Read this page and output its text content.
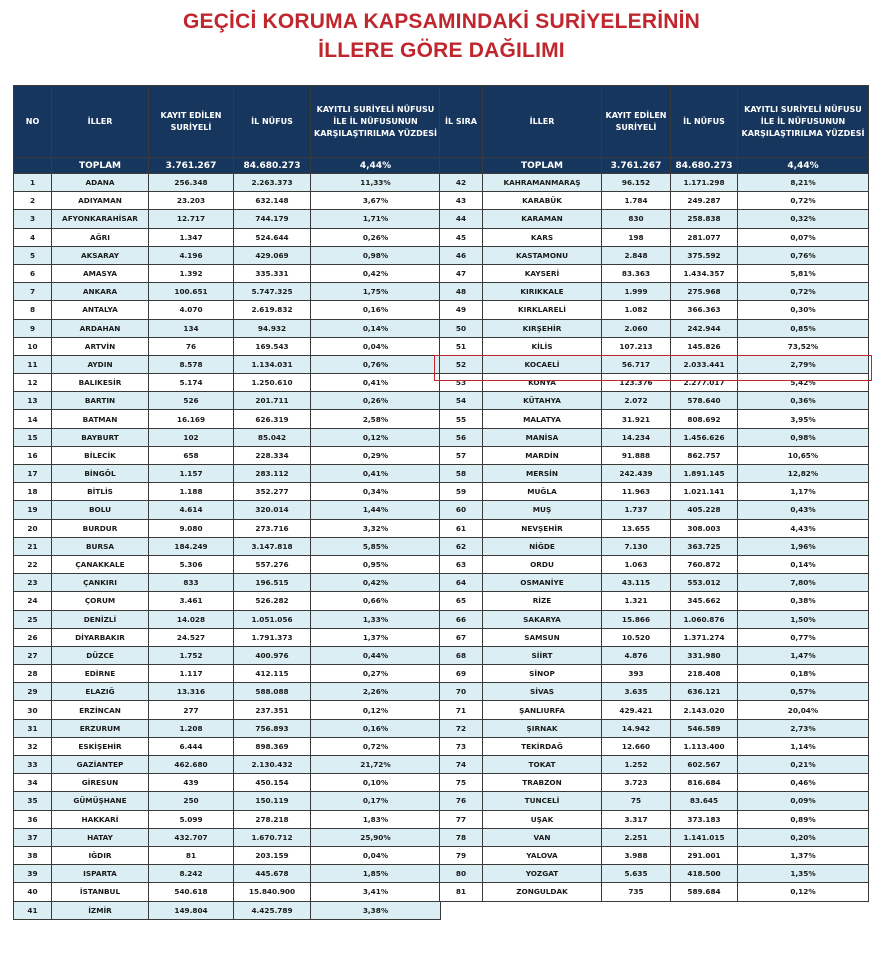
GEÇİCİ KORUMA KAPSAMINDAKİ SURİYELERİNİN
İLLERE GÖRE DAĞILIMI
NO	İLLER	KAYIT EDİLEN SURİYELİ	İL NÜFUS	KAYITLI SURİYELİ NÜFUSU İLE İL NÜFUSUNUN KARŞILAŞTIRILMA YÜZDESİ
	TOPLAM	3.761.267	84.680.273	4,44%
1	ADANA	256.348	2.263.373	11,33%
2	ADIYAMAN	23.203	632.148	3,67%
3	AFYONKARAHİSAR	12.717	744.179	1,71%
4	AĞRI	1.347	524.644	0,26%
5	AKSARAY	4.196	429.069	0,98%
6	AMASYA	1.392	335.331	0,42%
7	ANKARA	100.651	5.747.325	1,75%
8	ANTALYA	4.070	2.619.832	0,16%
9	ARDAHAN	134	94.932	0,14%
10	ARTVİN	76	169.543	0,04%
11	AYDIN	8.578	1.134.031	0,76%
12	BALIKESİR	5.174	1.250.610	0,41%
13	BARTIN	526	201.711	0,26%
14	BATMAN	16.169	626.319	2,58%
15	BAYBURT	102	85.042	0,12%
16	BİLECİK	658	228.334	0,29%
17	BİNGÖL	1.157	283.112	0,41%
18	BİTLİS	1.188	352.277	0,34%
19	BOLU	4.614	320.014	1,44%
20	BURDUR	9.080	273.716	3,32%
21	BURSA	184.249	3.147.818	5,85%
22	ÇANAKKALE	5.306	557.276	0,95%
23	ÇANKIRI	833	196.515	0,42%
24	ÇORUM	3.461	526.282	0,66%
25	DENİZLİ	14.028	1.051.056	1,33%
26	DİYARBAKIR	24.527	1.791.373	1,37%
27	DÜZCE	1.752	400.976	0,44%
28	EDİRNE	1.117	412.115	0,27%
29	ELAZIĞ	13.316	588.088	2,26%
30	ERZİNCAN	277	237.351	0,12%
31	ERZURUM	1.208	756.893	0,16%
32	ESKİŞEHİR	6.444	898.369	0,72%
33	GAZİANTEP	462.680	2.130.432	21,72%
34	GİRESUN	439	450.154	0,10%
35	GÜMÜŞHANE	250	150.119	0,17%
36	HAKKARİ	5.099	278.218	1,83%
37	HATAY	432.707	1.670.712	25,90%
38	IĞDIR	81	203.159	0,04%
39	ISPARTA	8.242	445.678	1,85%
40	İSTANBUL	540.618	15.840.900	3,41%
41	İZMİR	149.804	4.425.789	3,38%
İL SIRA	İLLER	KAYIT EDİLEN SURİYELİ	İL NÜFUS	KAYITLI SURİYELİ NÜFUSU İLE İL NÜFUSUNUN KARŞILAŞTIRILMA YÜZDESİ
	TOPLAM	3.761.267	84.680.273	4,44%
42	KAHRAMANMARAŞ	96.152	1.171.298	8,21%
43	KARABÜK	1.784	249.287	0,72%
44	KARAMAN	830	258.838	0,32%
45	KARS	198	281.077	0,07%
46	KASTAMONU	2.848	375.592	0,76%
47	KAYSERİ	83.363	1.434.357	5,81%
48	KIRIKKALE	1.999	275.968	0,72%
49	KIRKLARELİ	1.082	366.363	0,30%
50	KIRŞEHİR	2.060	242.944	0,85%
51	KİLİS	107.213	145.826	73,52%
52	KOCAELİ	56.717	2.033.441	2,79%
53	KONYA	123.376	2.277.017	5,42%
54	KÜTAHYA	2.072	578.640	0,36%
55	MALATYA	31.921	808.692	3,95%
56	MANİSA	14.234	1.456.626	0,98%
57	MARDİN	91.888	862.757	10,65%
58	MERSİN	242.439	1.891.145	12,82%
59	MUĞLA	11.963	1.021.141	1,17%
60	MUŞ	1.737	405.228	0,43%
61	NEVŞEHİR	13.655	308.003	4,43%
62	NİĞDE	7.130	363.725	1,96%
63	ORDU	1.063	760.872	0,14%
64	OSMANİYE	43.115	553.012	7,80%
65	RİZE	1.321	345.662	0,38%
66	SAKARYA	15.866	1.060.876	1,50%
67	SAMSUN	10.520	1.371.274	0,77%
68	SİİRT	4.876	331.980	1,47%
69	SİNOP	393	218.408	0,18%
70	SİVAS	3.635	636.121	0,57%
71	ŞANLIURFA	429.421	2.143.020	20,04%
72	ŞIRNAK	14.942	546.589	2,73%
73	TEKİRDAĞ	12.660	1.113.400	1,14%
74	TOKAT	1.252	602.567	0,21%
75	TRABZON	3.723	816.684	0,46%
76	TUNCELİ	75	83.645	0,09%
77	UŞAK	3.317	373.183	0,89%
78	VAN	2.251	1.141.015	0,20%
79	YALOVA	3.988	291.001	1,37%
80	YOZGAT	5.635	418.500	1,35%
81	ZONGULDAK	735	589.684	0,12%
